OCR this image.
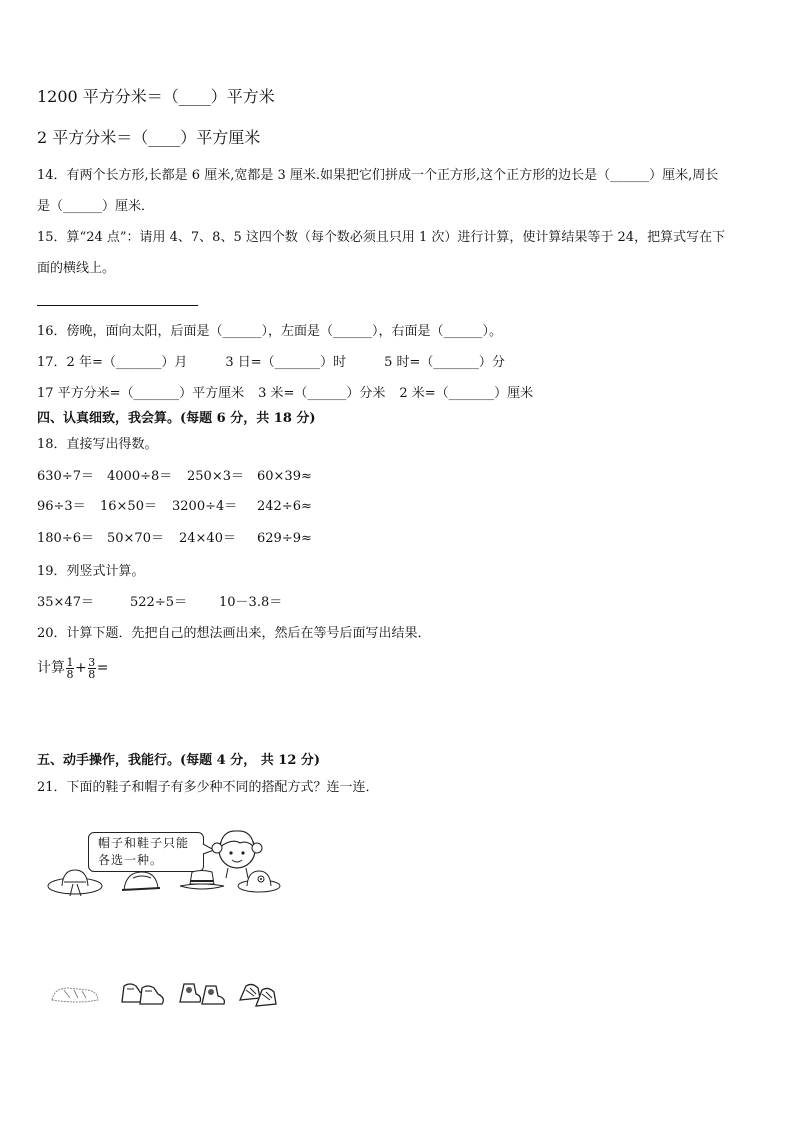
1200 平方分米＝（____）平方米
2 平方分米＝（____）平方厘米
14．有两个长方形,长都是 6 厘米,宽都是 3 厘米.如果把它们拼成一个正方形,这个正方形的边长是（______）厘米,周长
是（______）厘米．
15．算“24 点”：请用 4、7、8、5 这四个数（每个数必须且只用 1 次）进行计算，使计算结果等于 24，把算式写在下
面的横线上。
16．傍晚，面向太阳，后面是（______），左面是（______），右面是（______）。
17．2 年=（_______）月	3 日=（_______）时	5 时=（_______）分
17 平方分米=（_______）平方厘米 3 米=（______）分米 2 米=（_______）厘米
四、认真细致，我会算。(每题 6 分，共 18 分)
18．直接写出得数。
630÷7＝ 4000÷8＝ 250×3＝ 60×39≈
96÷3＝ 16×50＝ 3200÷4＝ 242÷6≈
180÷6＝ 50×70＝ 24×40＝ 629÷9≈
19．列竖式计算。
35×47＝	522÷5＝ 10－3.8＝
20．计算下题．先把自己的想法画出来，然后在等号后面写出结果．
计算 $\frac{1}{8} + \frac{3}{8}$ =
五、动手操作，我能行。(每题 4 分， 共 12 分)
21．下面的鞋子和帽子有多少种不同的搭配方式？连一连．
帽子和鞋子只能
各选一种。
